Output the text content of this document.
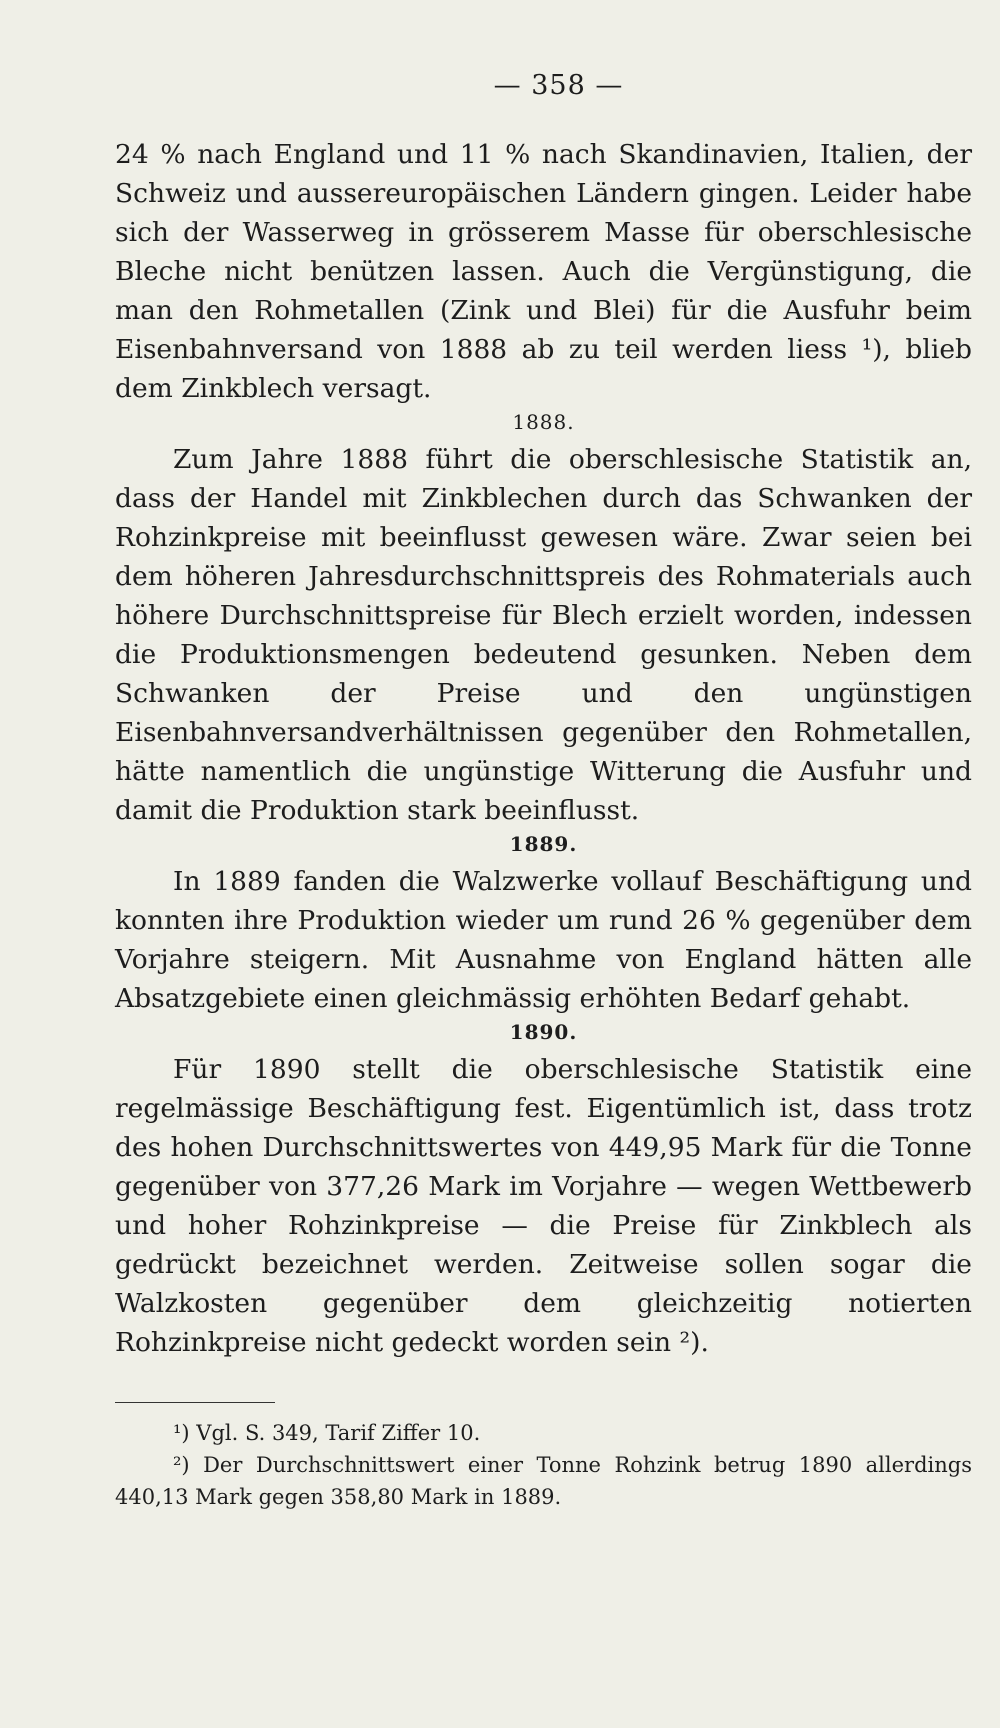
— 358 —

24 % nach England und 11 % nach Skandinavien, Italien, der Schweiz und aussereuropäischen Ländern gingen. Leider habe sich der Wasserweg in grösserem Masse für oberschlesische Bleche nicht benützen lassen. Auch die Vergünstigung, die man den Rohmetallen (Zink und Blei) für die Ausfuhr beim Eisenbahnversand von 1888 ab zu teil werden liess ¹), blieb dem Zinkblech versagt.

1888.

Zum Jahre 1888 führt die oberschlesische Statistik an, dass der Handel mit Zinkblechen durch das Schwanken der Rohzinkpreise mit beeinflusst gewesen wäre. Zwar seien bei dem höheren Jahresdurchschnittspreis des Rohmaterials auch höhere Durchschnittspreise für Blech erzielt worden, indessen die Produktionsmengen bedeutend gesunken. Neben dem Schwanken der Preise und den ungünstigen Eisenbahnversandverhältnissen gegenüber den Rohmetallen, hätte namentlich die ungünstige Witterung die Ausfuhr und damit die Produktion stark beeinflusst.

1889.

In 1889 fanden die Walzwerke vollauf Beschäftigung und konnten ihre Produktion wieder um rund 26 % gegenüber dem Vorjahre steigern. Mit Ausnahme von England hätten alle Absatzgebiete einen gleichmässig erhöhten Bedarf gehabt.

1890.

Für 1890 stellt die oberschlesische Statistik eine regelmässige Beschäftigung fest. Eigentümlich ist, dass trotz des hohen Durchschnittswertes von 449,95 Mark für die Tonne gegenüber von 377,26 Mark im Vorjahre — wegen Wettbewerb und hoher Rohzinkpreise — die Preise für Zinkblech als gedrückt bezeichnet werden. Zeitweise sollen sogar die Walzkosten gegenüber dem gleichzeitig notierten Rohzinkpreise nicht gedeckt worden sein ²).

¹) Vgl. S. 349, Tarif Ziffer 10.

²) Der Durchschnittswert einer Tonne Rohzink betrug 1890 allerdings 440,13 Mark gegen 358,80 Mark in 1889.
